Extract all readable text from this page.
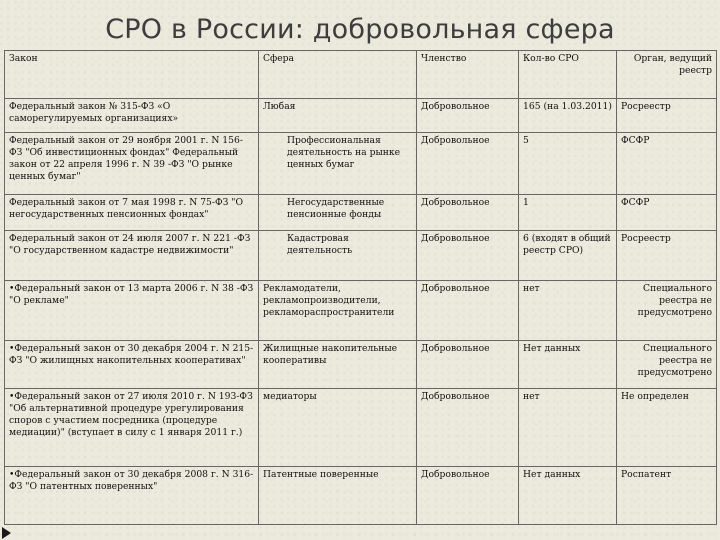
СРО в России: добровольная сфера
Закон	Сфера	Членство	Кол-во СРО	Орган, ведущий реестр
Федеральный закон № 315-ФЗ «О саморегулируемых организациях»	Любая	Добровольное	165 (на 1.03.2011)	Росреестр
Федеральный закон от 29 ноября 2001 г. N 156-ФЗ "Об инвестиционных фондах" Федеральный закон от 22 апреля 1996 г. N 39 -ФЗ "О рынке ценных бумаг"	Профессиональная деятельность на рынке ценных бумаг	Добровольное	5	ФСФР
Федеральный закон от 7 мая 1998 г. N 75-ФЗ "О негосударственных пенсионных фондах"	Негосударственные пенсионные фонды	Добровольное	1	ФСФР
Федеральный закон от 24 июля 2007 г. N 221 -ФЗ "О государственном кадастре недвижимости"	Кадастровая деятельность	Добровольное	6 (входят в общий реестр СРО)	Росреестр
•Федеральный закон от 13 марта 2006 г. N 38 -ФЗ "О рекламе"	Рекламодатели, рекламопроизводители, рекламораспространители	Добровольное	нет	Специального реестра не предусмотрено
•Федеральный закон от 30 декабря 2004 г. N 215-ФЗ "О жилищных накопительных кооперативах"	Жилищные накопительные кооперативы	Добровольное	Нет данных	Специального реестра не предусмотрено
•Федеральный закон от 27 июля 2010 г. N 193-ФЗ "Об альтернативной процедуре урегулирования споров с участием посредника (процедуре медиации)" (вступает в силу с 1 января 2011 г.)	медиаторы	Добровольное	нет	Не определен
•Федеральный закон от 30 декабря 2008 г. N 316-ФЗ "О патентных поверенных"	Патентные поверенные	Добровольное	Нет данных	Роспатент
